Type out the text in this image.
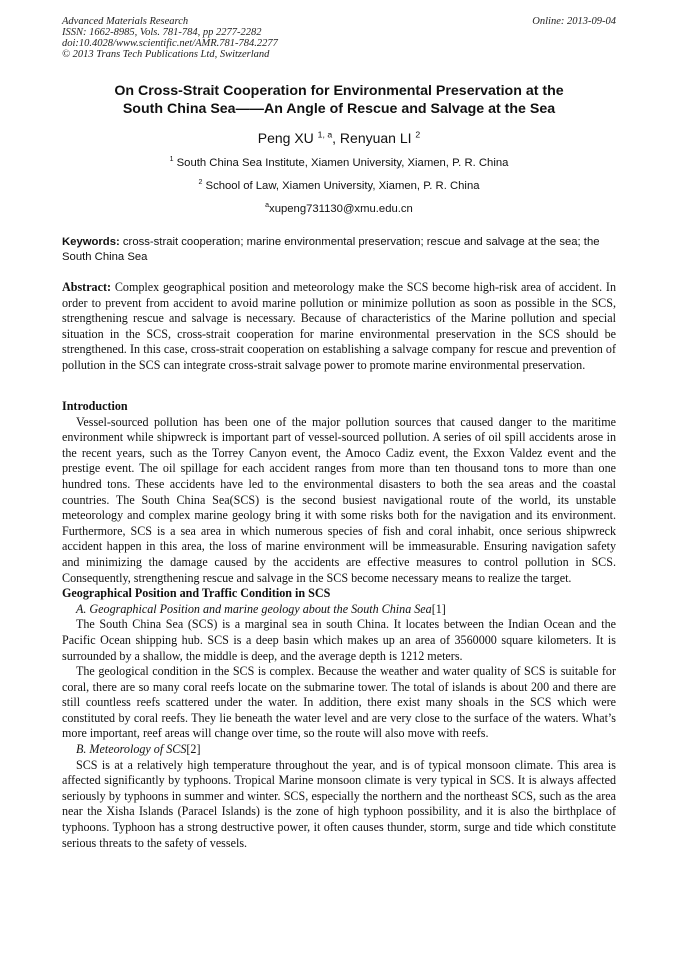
Advanced Materials Research
ISSN: 1662-8985, Vols. 781-784, pp 2277-2282
doi:10.4028/www.scientific.net/AMR.781-784.2277
© 2013 Trans Tech Publications Ltd, Switzerland
Online: 2013-09-04
On Cross-Strait Cooperation for Environmental Preservation at the
South China Sea——An Angle of Rescue and Salvage at the Sea
Peng XU $^{1, a}$, Renyuan LI $^2$
$^1$ South China Sea Institute, Xiamen University, Xiamen, P. R. China
$^2$ School of Law, Xiamen University, Xiamen, P. R. China
$^a$xupeng731130@xmu.edu.cn
Keywords: cross-strait cooperation; marine environmental preservation; rescue and salvage at the sea; the South China Sea
Abstract: Complex geographical position and meteorology make the SCS become high-risk area of accident. In order to prevent from accident to avoid marine pollution or minimize pollution as soon as possible in the SCS, strengthening rescue and salvage is necessary. Because of characteristics of the Marine pollution and special situation in the SCS, cross-strait cooperation for marine environmental preservation in the SCS should be strengthened. In this case, cross-strait cooperation on establishing a salvage company for rescue and prevention of pollution in the SCS can integrate cross-strait salvage power to promote marine environmental preservation.
Introduction
Vessel-sourced pollution has been one of the major pollution sources that caused danger to the maritime environment while shipwreck is important part of vessel-sourced pollution. A series of oil spill accidents arose in the recent years, such as the Torrey Canyon event, the Amoco Cadiz event, the Exxon Valdez event and the prestige event. The oil spillage for each accident ranges from more than ten thousand tons to more than one hundred tons. These accidents have led to the environmental disasters to both the sea areas and the coastal countries. The South China Sea(SCS) is the second busiest navigational route of the world, its unstable meteorology and complex marine geology bring it with some risks both for the navigation and its environment. Furthermore, SCS is a sea area in which numerous species of fish and coral inhabit, once serious shipwreck accident happen in this area, the loss of marine environment will be immeasurable. Ensuring navigation safety and minimizing the damage caused by the accidents are effective measures to control pollution in SCS. Consequently, strengthening rescue and salvage in the SCS become necessary means to realize the target.
Geographical Position and Traffic Condition in SCS
A. Geographical Position and marine geology about the South China Sea[1]
The South China Sea (SCS) is a marginal sea in south China. It locates between the Indian Ocean and the Pacific Ocean shipping hub. SCS is a deep basin which makes up an area of 3560000 square kilometers. It is surrounded by a shallow, the middle is deep, and the average depth is 1212 meters.
The geological condition in the SCS is complex. Because the weather and water quality of SCS is suitable for coral, there are so many coral reefs locate on the submarine tower. The total of islands is about 200 and there are still countless reefs scattered under the water. In addition, there exist many shoals in the SCS which were constituted by coral reefs. They lie beneath the water level and are very close to the surface of the waters. What’s more important, reef areas will change over time, so the route will also move with reefs.
B. Meteorology of SCS[2]
SCS is at a relatively high temperature throughout the year, and is of typical monsoon climate. This area is affected significantly by typhoons. Tropical Marine monsoon climate is very typical in SCS. It is always affected seriously by typhoons in summer and winter. SCS, especially the northern and the northeast SCS, such as the area near the Xisha Islands (Paracel Islands) is the zone of high typhoon possibility, and it is also the birthplace of typhoons. Typhoon has a strong destructive power, it often causes thunder, storm, surge and tide which constitute serious threats to the safety of vessels.
